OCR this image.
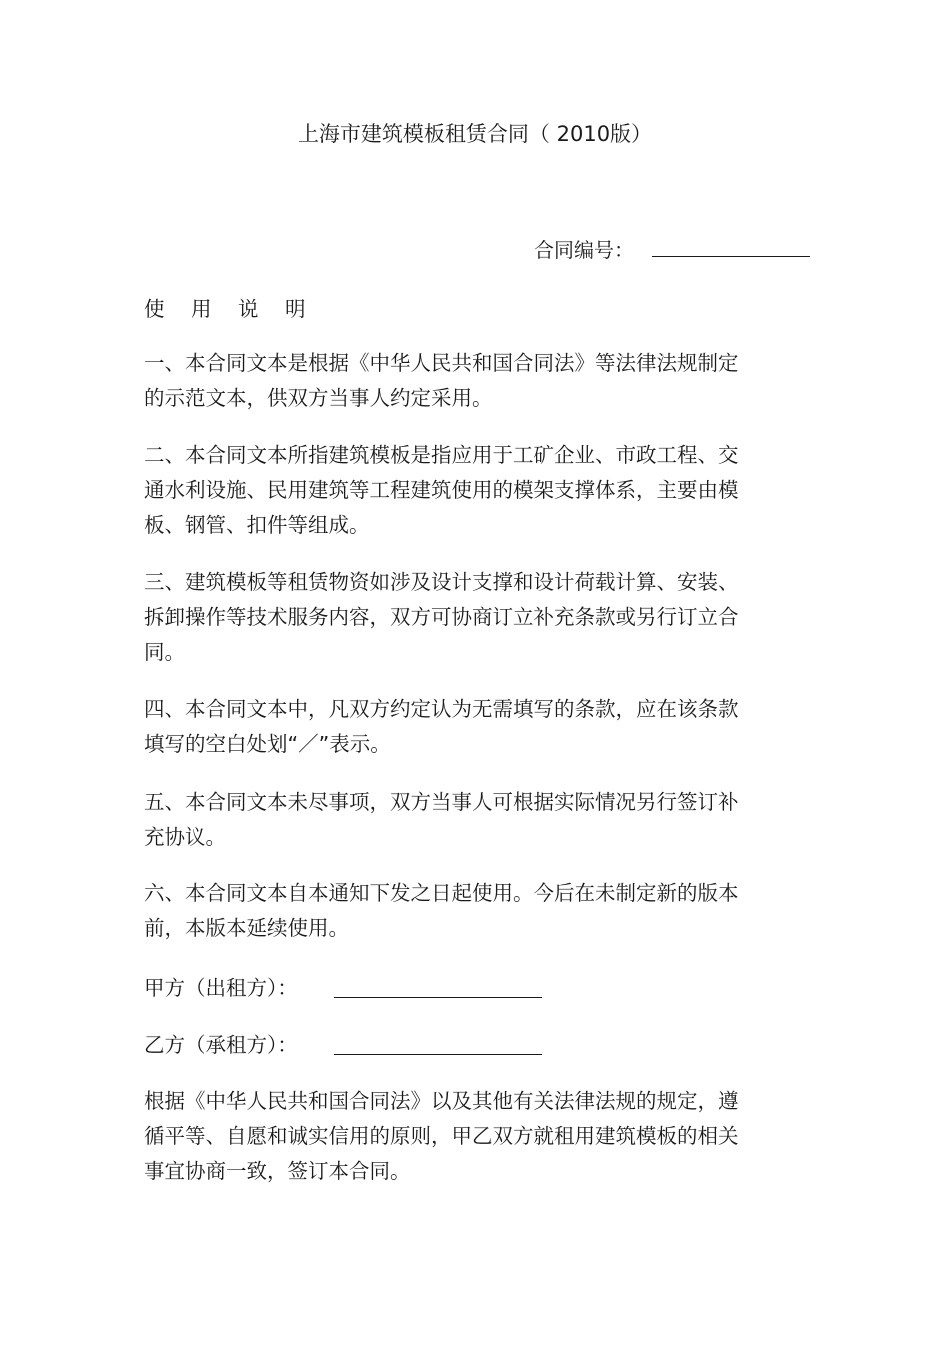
上海市建筑模板租赁合同（ 2010版）
合同编号：
使 用 说 明

一、本合同文本是根据《中华人民共和国合同法》等法律法规制定的示范文本，供双方当事人约定采用。

二、本合同文本所指建筑模板是指应用于工矿企业、市政工程、交通水利设施、民用建筑等工程建筑使用的模架支撑体系，主要由模板、钢管、扣件等组成。

三、建筑模板等租赁物资如涉及设计支撑和设计荷载计算、安装、拆卸操作等技术服务内容，双方可协商订立补充条款或另行订立合同。

四、本合同文本中，凡双方约定认为无需填写的条款，应在该条款填写的空白处划“／”表示。

五、本合同文本未尽事项，双方当事人可根据实际情况另行签订补充协议。

六、本合同文本自本通知下发之日起使用。今后在未制定新的版本前，本版本延续使用。

甲方（出租方）：
乙方（承租方）：

根据《中华人民共和国合同法》以及其他有关法律法规的规定，遵循平等、自愿和诚实信用的原则，甲乙双方就租用建筑模板的相关事宜协商一致，签订本合同。
